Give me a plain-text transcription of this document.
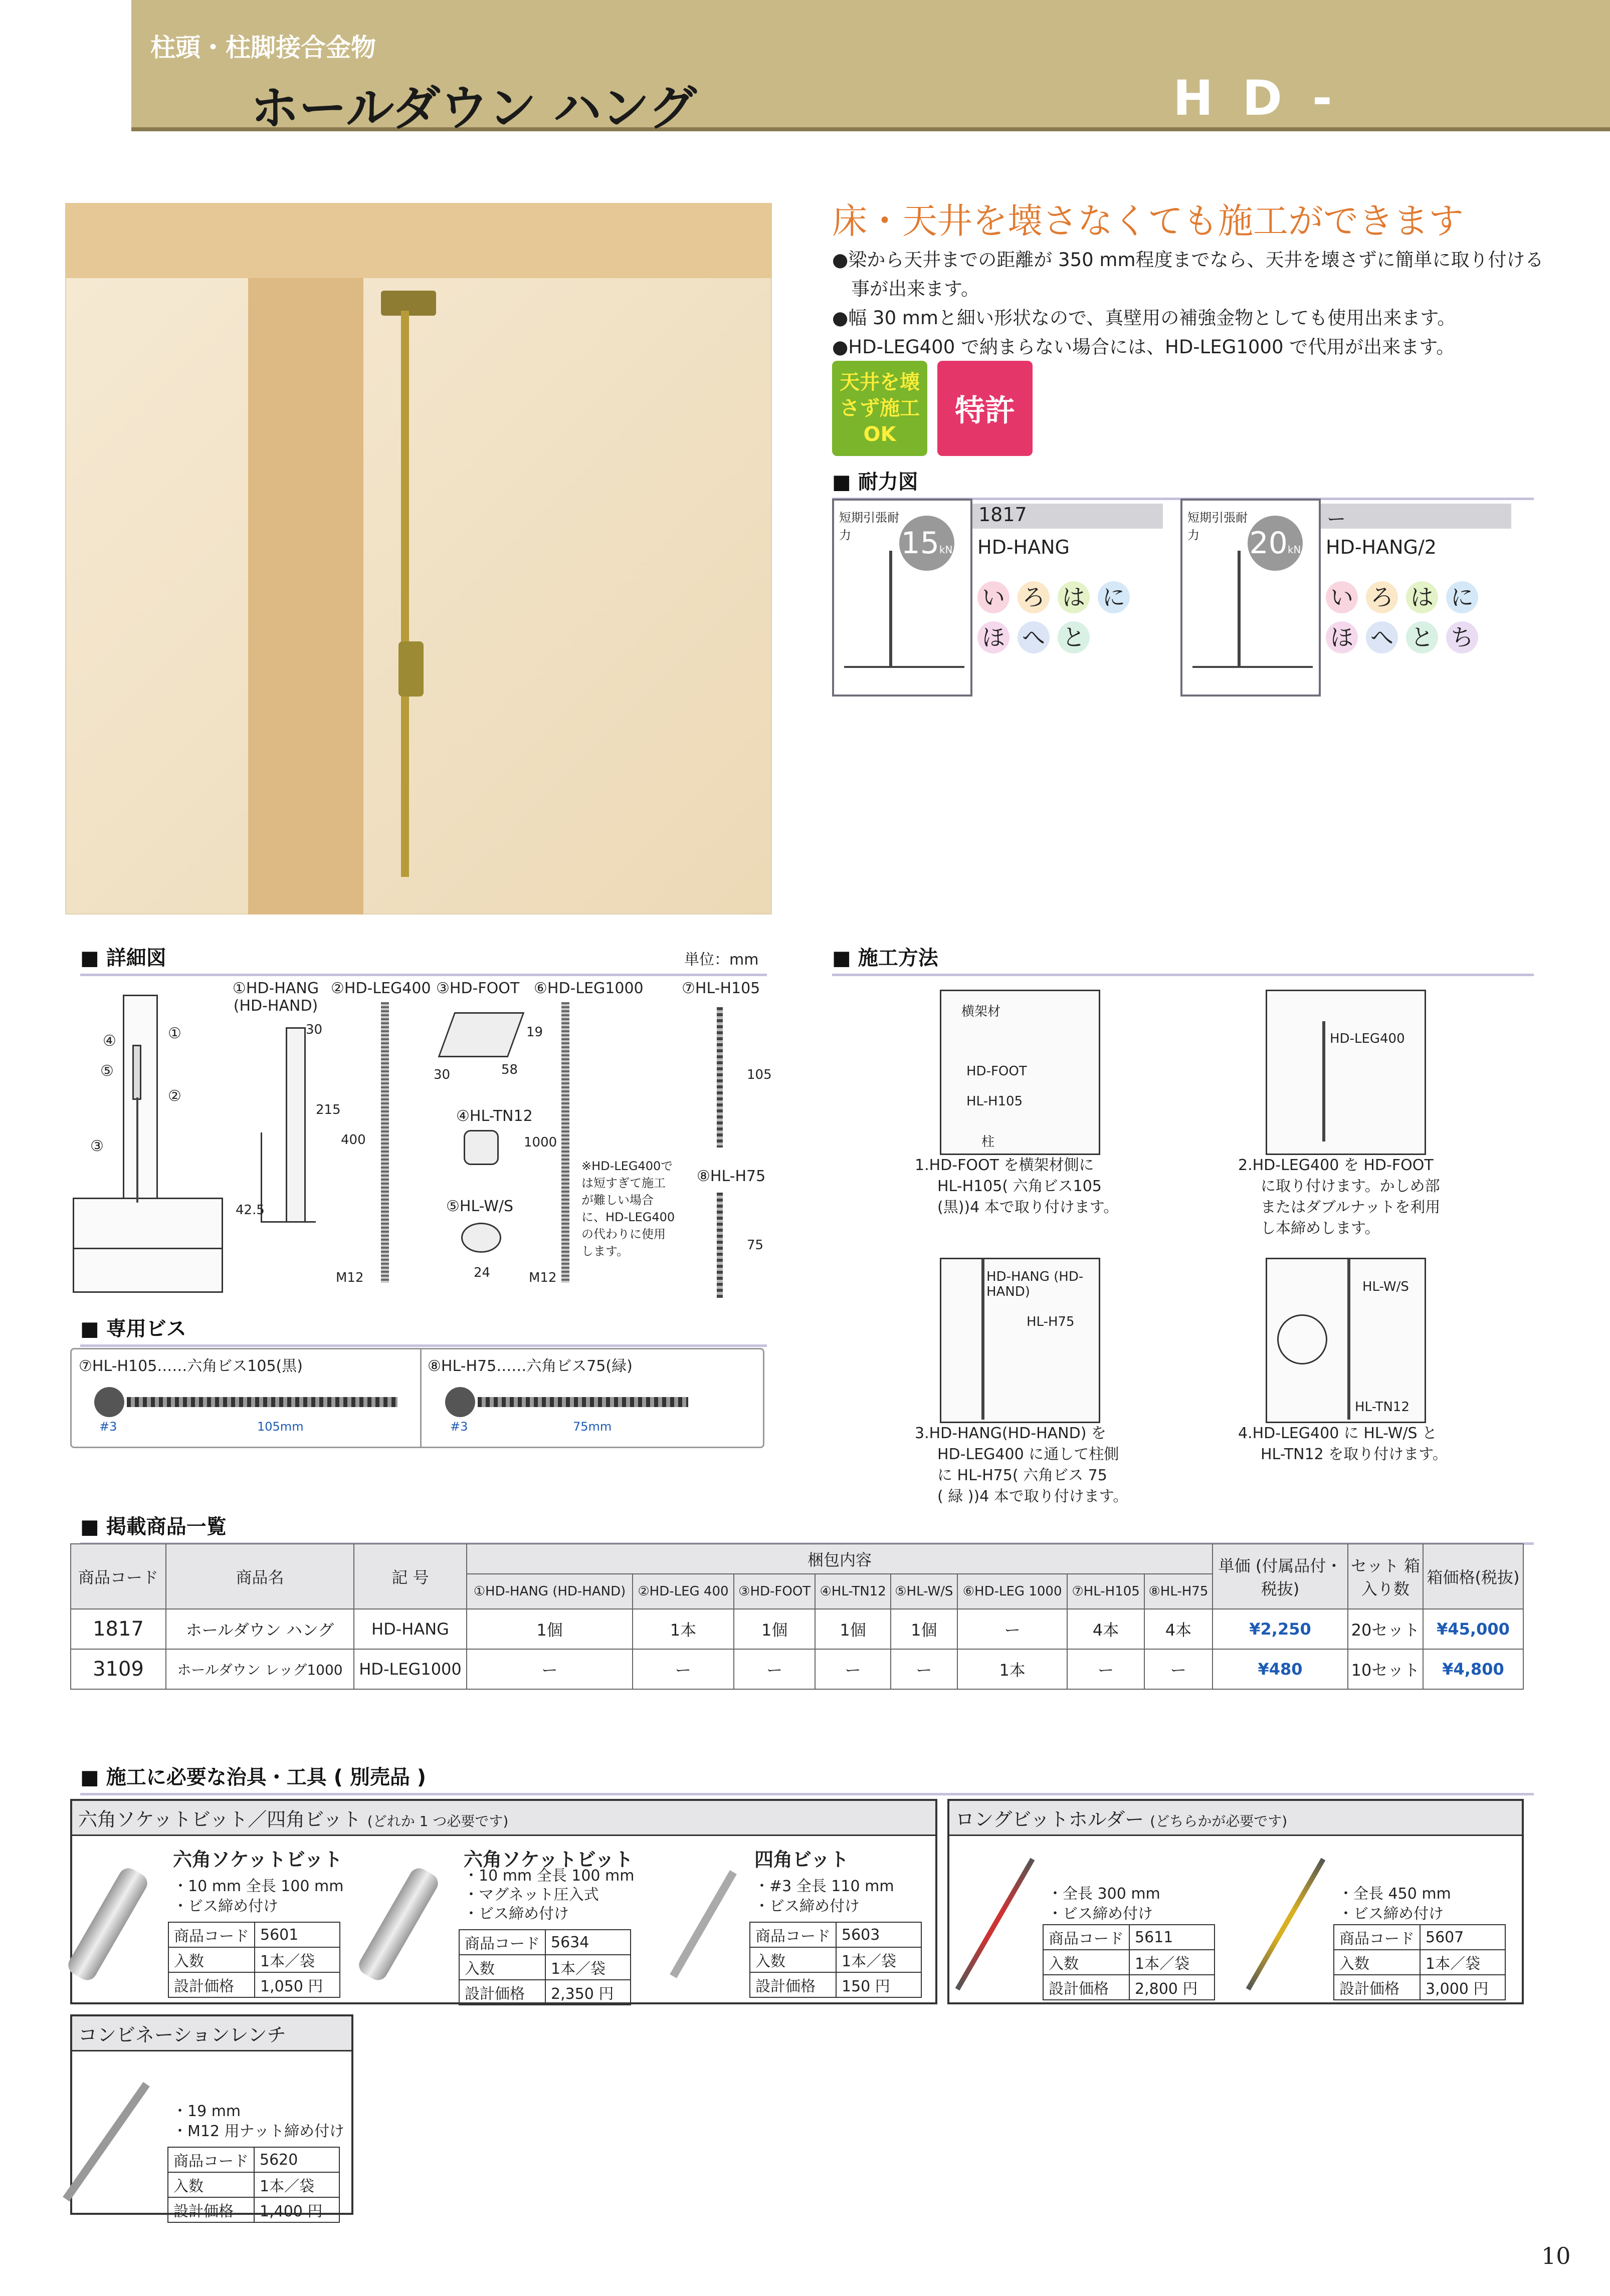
柱頭・柱脚接合金物
ホールダウン ハング	HD-HANG
床・天井を壊さなくても施工ができます
●梁から天井までの距離が 350 mm程度までなら、天井を壊さずに簡単に取り付ける
事が出来ます。
●幅 30 mmと細い形状なので、真壁用の補強金物としても使用出来ます。
●HD-LEG400 で納まらない場合には、HD-LEG1000 で代用が出来ます。
天井を壊さず施工OK
特許
■ 耐力図
短期引張耐力	15kN
1817
HD-HANG
い ろ は に
ほ へ と
短期引張耐力	20kN
ー
HD-HANG/2
い ろ は に
ほ へ と ち
■ 詳細図	単位：mm
①HD-HANG (HD-HAND)
②HD-LEG400 ③HD-FOOT ⑥HD-LEG1000	⑦HL-H105
④HL-TN12
⑤HL-W/S
⑧HL-H75
④
⑤
①
②
③
30
215
400
42.5
M12
19
30	58
24
1000
M12
※HD-LEG400では短すぎて施工が難しい場合に、HD-LEG400の代わりに使用します。
105
75
■ 専用ビス
⑦HL-H105……六角ビス105(黒)
#3	105mm
⑧HL-H75……六角ビス75(緑)
#3	75mm
■ 施工方法
横架材
HD-FOOT
HL-H105
柱
1.HD-FOOT を横架材側に
HL-H105( 六角ビス105
(黒))4 本で取り付けます。
HD-LEG400
2.HD-LEG400 を HD-FOOT
に取り付けます。かしめ部
またはダブルナットを利用
し本締めします。
HD-HANG (HD-HAND)
HL-H75
3.HD-HANG(HD-HAND) を
HD-LEG400 に通して柱側
に HL-H75( 六角ビス 75
( 緑 ))4 本で取り付けます。
HL-W/S
HL-TN12
4.HD-LEG400 に HL-W/S と
HL-TN12 を取り付けます。
■ 掲載商品一覧
商品コード	商品名	記 号	梱包内容								単価 (付属品付・税抜)	セット 箱入り数	箱価格(税抜)
			①HD-HANG (HD-HAND)	②HD-LEG 400	③HD-FOOT	④HL-TN12	⑤HL-W/S	⑥HD-LEG 1000	⑦HL-H105	⑧HL-H75			
1817	ホールダウン ハング	HD-HANG	1個	1本	1個	1個	1個	ー	4本	4本	¥2,250	20セット	¥45,000
3109	ホールダウン レッグ1000	HD-LEG1000	ー	ー	ー	ー	ー	1本	ー	ー	¥480	10セット	¥4,800
■ 施工に必要な治具・工具 ( 別売品 )
六角ソケットビット／四角ビット (どれか 1 つ必要です)	ロングビットホルダー (どちらかが必要です)
六角ソケットビット
・10 mm 全長 100 mm
・ビス締め付け
商品コード	5601
入数	1本／袋
設計価格	1,050 円
六角ソケットビット
・10 mm 全長 100 mm
・マグネット圧入式
・ビス締め付け
商品コード	5634
入数	1本／袋
設計価格	2,350 円
四角ビット
・#3 全長 110 mm
・ビス締め付け
商品コード	5603
入数	1本／袋
設計価格	150 円
・全長 300 mm
・ビス締め付け
商品コード	5611
入数	1本／袋
設計価格	2,800 円
・全長 450 mm
・ビス締め付け
商品コード	5607
入数	1本／袋
設計価格	3,000 円
コンビネーションレンチ
・19 mm
・M12 用ナット締め付け
商品コード	5620
入数	1本／袋
設計価格	1,400 円
10
